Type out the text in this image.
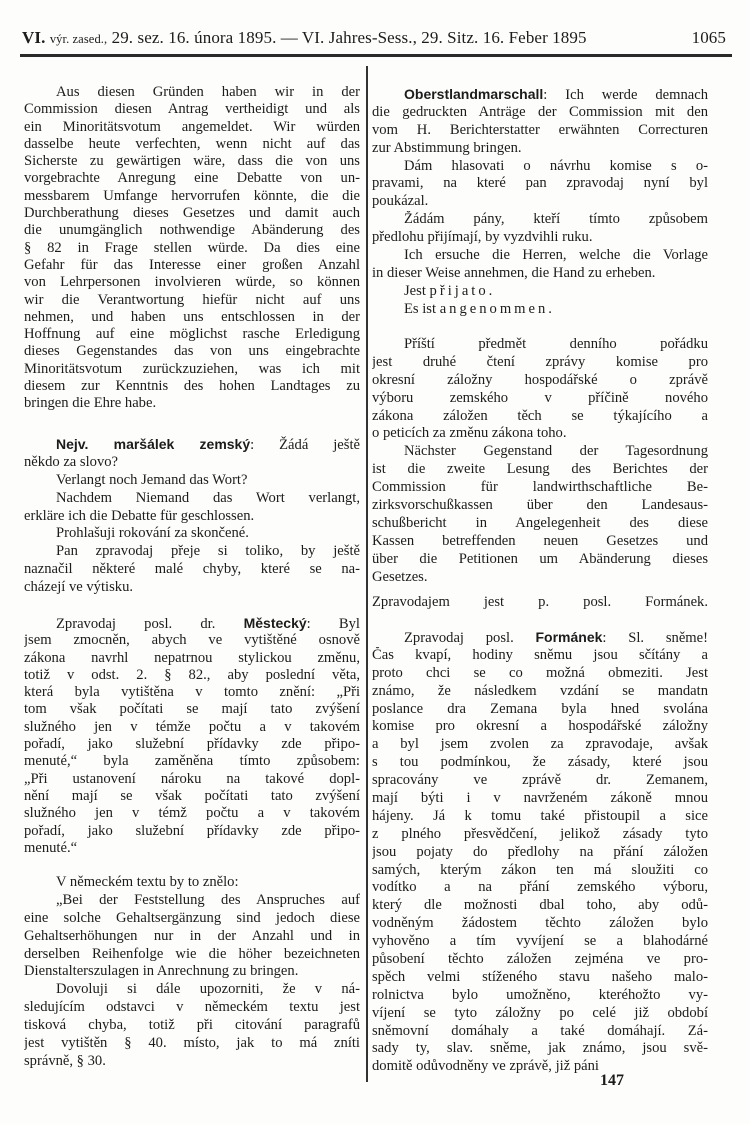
VI. výr. zased., 29. sez. 16. února 1895. — VI. Jahres-Sess., 29. Sitz. 16. Feber 1895	1065
Aus diesen Gründen haben wir in der
Commission diesen Antrag vertheidigt und als
ein Minoritätsvotum angemeldet. Wir würden
dasselbe heute verfechten, wenn nicht auf das
Sicherste zu gewärtigen wäre, dass die von uns
vorgebrachte Anregung eine Debatte von un-
messbarem Umfange hervorrufen könnte, die die
Durchberathung dieses Gesetzes und damit auch
die unumgänglich nothwendige Abänderung des
§ 82 in Frage stellen würde. Da dies eine
Gefahr für das Interesse einer großen Anzahl
von Lehrpersonen involvieren würde, so können
wir die Verantwortung hiefür nicht auf uns
nehmen, und haben uns entschlossen in der
Hoffnung auf eine möglichst rasche Erledigung
dieses Gegenstandes das von uns eingebrachte
Minoritätsvotum zurückzuziehen, was ich mit
diesem zur Kenntnis des hohen Landtages zu
bringen die Ehre habe.
Nejv. maršálek zemský: Žádá ještě
někdo za slovo?
Verlangt noch Jemand das Wort?
Nachdem Niemand das Wort verlangt,
erkläre ich die Debatte für geschlossen.
Prohlašuji rokování za skončené.
Pan zpravodaj přeje si toliko, by ještě
naznačil některé malé chyby, které se na-
cházejí ve výtisku.
Zpravodaj posl. dr. Městecký: Byl
jsem zmocněn, abych ve vytištěné osnově
zákona navrhl nepatrnou stylickou změnu,
totiž v odst. 2. § 82., aby poslední věta,
která byla vytištěna v tomto znění: „Při
tom však počítati se mají tato zvýšení
služného jen v témže počtu a v takovém
pořadí, jako služební přídavky zde připo-
menuté,“ byla zaměněna tímto způsobem:
„Při ustanovení nároku na takové dopl-
nění mají se však počítati tato zvýšení
služného jen v témž počtu a v takovém
pořadí, jako služební přídavky zde připo-
menuté.“
V německém textu by to znělo:
„Bei der Feststellung des Anspruches auf
eine solche Gehaltsergänzung sind jedoch diese
Gehaltserhöhungen nur in der Anzahl und in
derselben Reihenfolge wie die höher bezeichneten
Dienstalterszulagen in Anrechnung zu bringen.
Dovoluji si dále upozorniti, že v ná-
sledujícím odstavci v německém textu jest
tisková chyba, totiž při citování paragrafů
jest vytištěn § 40. místo, jak to má zníti
správně, § 30.
Oberstlandmarschall: Ich werde demnach
die gedruckten Anträge der Commission mit den
vom H. Berichterstatter erwähnten Correcturen
zur Abstimmung bringen.
Dám hlasovati o návrhu komise s o-
pravami, na které pan zpravodaj nyní byl
poukázal.
Žádám pány, kteří tímto způsobem
předlohu přijímají, by vyzdvihli ruku.
Ich ersuche die Herren, welche die Vorlage
in dieser Weise annehmen, die Hand zu erheben.
Jest přijato.
Es ist angenommen.
Příští předmět denního pořádku
jest druhé čtení zprávy komise pro
okresní záložny hospodářské o zprávě
výboru zemského v příčině nového
zákona záložen těch se týkajícího a
o peticích za změnu zákona toho.
Nächster Gegenstand der Tagesordnung
ist die zweite Lesung des Berichtes der
Commission für landwirthschaftliche Be-
zirksvorschußkassen über den Landesaus-
schußbericht in Angelegenheit des diese
Kassen betreffenden neuen Gesetzes und
über die Petitionen um Abänderung dieses
Gesetzes.
Zpravodajem jest p. posl. Formánek.
Zpravodaj posl. Formánek: Sl. sněme!
Čas kvapí, hodiny sněmu jsou sčítány a
proto chci se co možná obmeziti. Jest
známo, že následkem vzdání se mandatn
poslance dra Zemana byla hned svolána
komise pro okresní a hospodářské záložny
a byl jsem zvolen za zpravodaje, avšak
s tou podmínkou, že zásady, které jsou
spracovány ve zprávě dr. Zemanem,
mají býti i v navrženém zákoně mnou
hájeny. Já k tomu také přistoupil a sice
z plného přesvědčení, jelikož zásady tyto
jsou pojaty do předlohy na přání záložen
samých, kterým zákon ten má sloužiti co
vodítko a na přání zemského výboru,
který dle možnosti dbal toho, aby odů-
vodněným žádostem těchto záložen bylo
vyhověno a tím vyvíjení se a blahodárné
působení těchto záložen zejména ve pro-
spěch velmi stíženého stavu našeho malo-
rolnictva bylo umožněno, kteréhožto vy-
víjení se tyto záložny po celé již období
sněmovní domáhaly a také domáhají. Zá-
sady ty, slav. sněme, jak známo, jsou svě-
domitě odůvodněny ve zprávě, již páni
147
